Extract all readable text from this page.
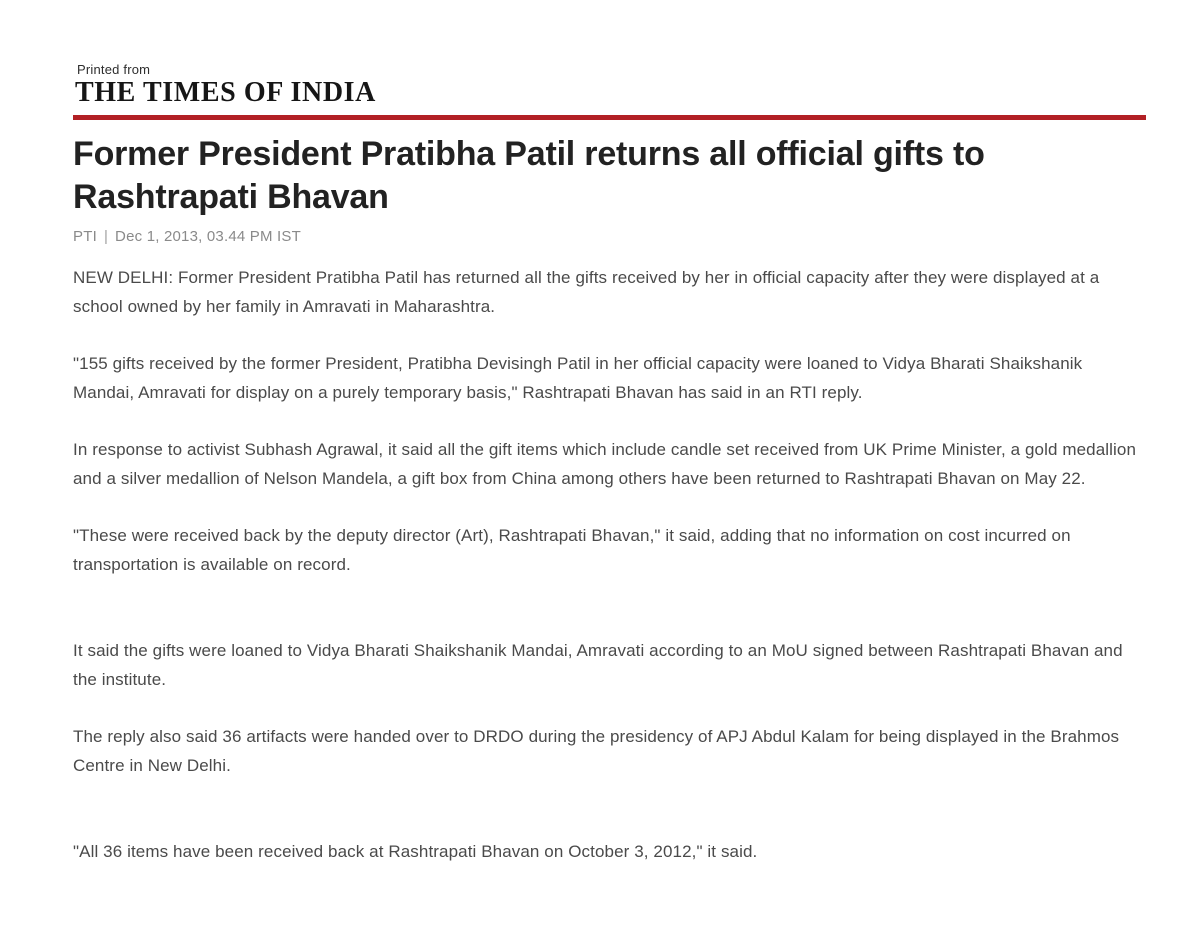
Printed from
THE TIMES OF INDIA
Former President Pratibha Patil returns all official gifts to Rashtrapati Bhavan
PTI | Dec 1, 2013, 03.44 PM IST

NEW DELHI: Former President Pratibha Patil has returned all the gifts received by her in official capacity after they were displayed at a school owned by her family in Amravati in Maharashtra.

"155 gifts received by the former President, Pratibha Devisingh Patil in her official capacity were loaned to Vidya Bharati Shaikshanik Mandai, Amravati for display on a purely temporary basis," Rashtrapati Bhavan has said in an RTI reply.

In response to activist Subhash Agrawal, it said all the gift items which include candle set received from UK Prime Minister, a gold medallion and a silver medallion of Nelson Mandela, a gift box from China among others have been returned to Rashtrapati Bhavan on May 22.

"These were received back by the deputy director (Art), Rashtrapati Bhavan," it said, adding that no information on cost incurred on transportation is available on record.

It said the gifts were loaned to Vidya Bharati Shaikshanik Mandai, Amravati according to an MoU signed between Rashtrapati Bhavan and the institute.

The reply also said 36 artifacts were handed over to DRDO during the presidency of APJ Abdul Kalam for being displayed in the Brahmos Centre in New Delhi.

"All 36 items have been received back at Rashtrapati Bhavan on October 3, 2012," it said.
